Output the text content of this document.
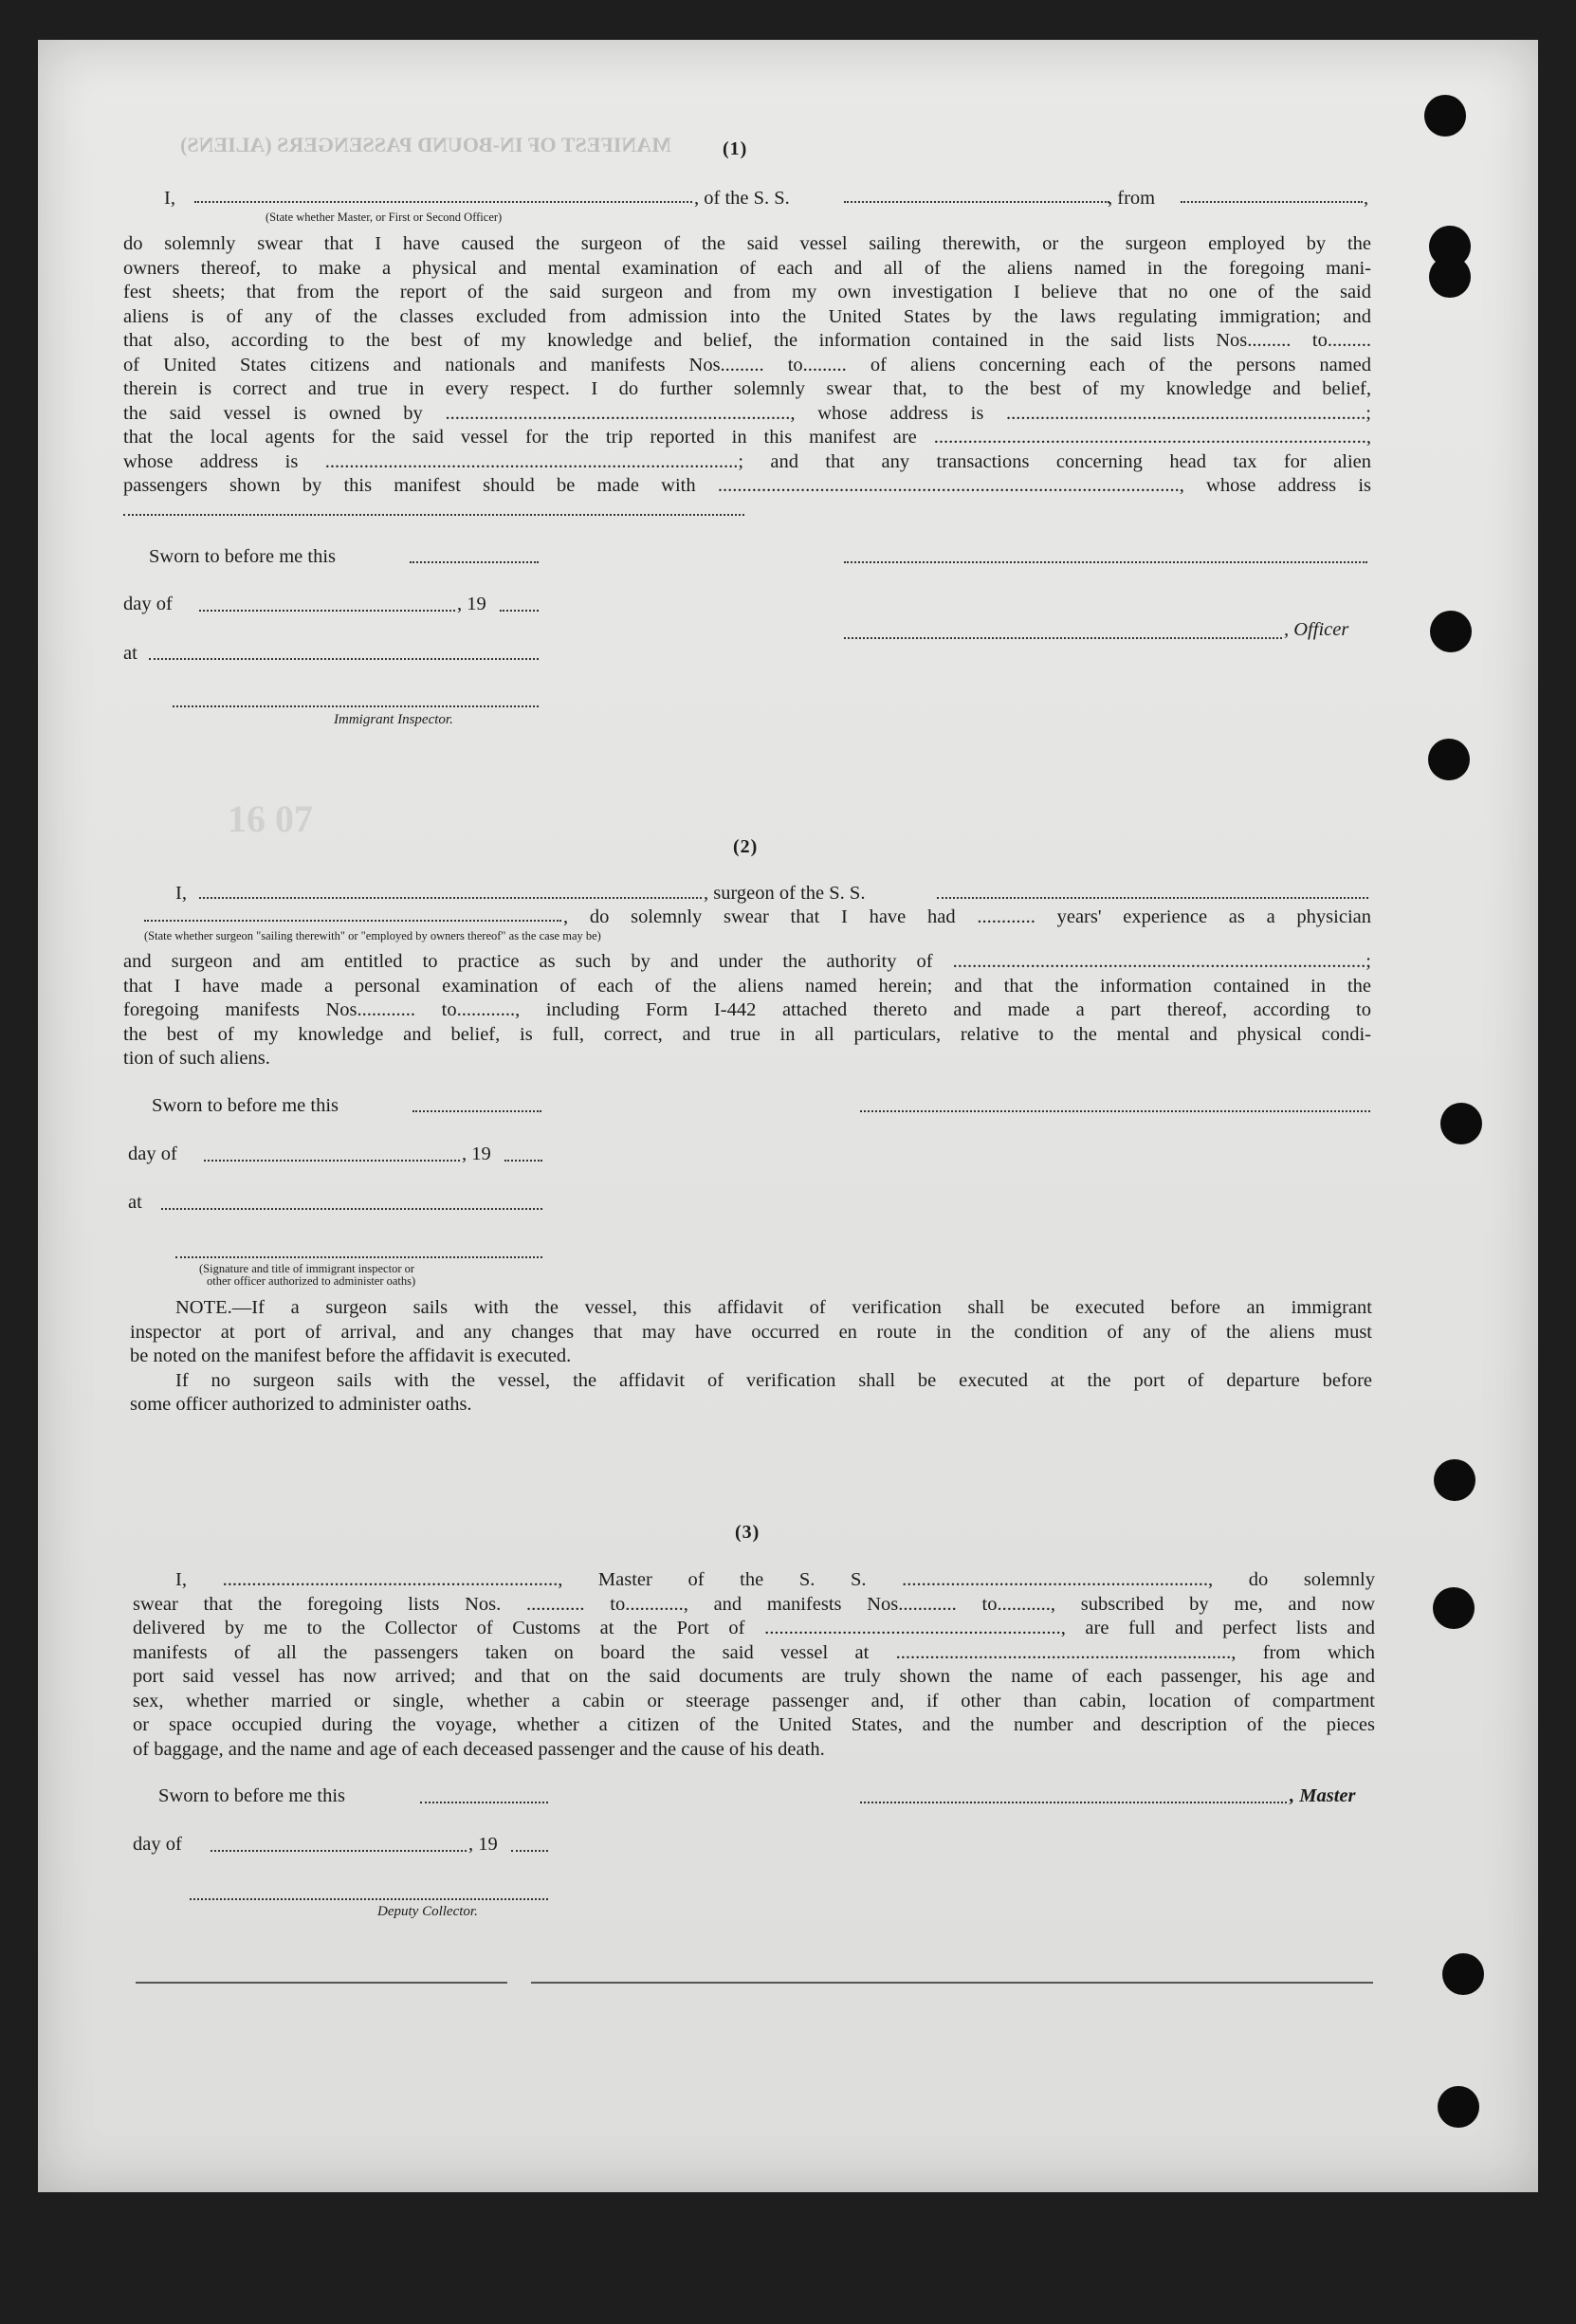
MANIFEST OF IN-BOUND PASSENGERS (ALIENS)
16 07
(1)
I,	, of the S. S.	, from	,
(State whether Master, or First or Second Officer)
do solemnly swear that I have caused the surgeon of the said vessel sailing therewith, or the surgeon employed by the
owners thereof, to make a physical and mental examination of each and all of the aliens named in the foregoing mani-
fest sheets; that from the report of the said surgeon and from my own investigation I believe that no one of the said
aliens is of any of the classes excluded from admission into the United States by the laws regulating immigration; and
that also, according to the best of my knowledge and belief, the information contained in the said lists Nos......... to.........
of United States citizens and nationals and manifests Nos......... to......... of aliens concerning each of the persons named
therein is correct and true in every respect. I do further solemnly swear that, to the best of my knowledge and belief,
the said vessel is owned by ......................................................................., whose address is ..........................................................................;
that the local agents for the said vessel for the trip reported in this manifest are .........................................................................................,
whose address is .....................................................................................; and that any transactions concerning head tax for alien
passengers shown by this manifest should be made with ..............................................................................................., whose address is
Sworn to before me this
day of	, 19
, Officer
at
Immigrant Inspector.
(2)
I,	, surgeon of the S. S.
,
, do solemnly swear that I have had ............ years' experience as a physician
(State whether surgeon "sailing therewith" or "employed by owners thereof" as the case may be)
and surgeon and am entitled to practice as such by and under the authority of .....................................................................................;
that I have made a personal examination of each of the aliens named herein; and that the information contained in the
foregoing manifests Nos............ to............, including Form I-442 attached thereto and made a part thereof, according to
the best of my knowledge and belief, is full, correct, and true in all particulars, relative to the mental and physical condi-
tion of such aliens.
Sworn to before me this
day of	, 19
at
(Signature and title of immigrant inspector or
other officer authorized to administer oaths)
NOTE.—If a surgeon sails with the vessel, this affidavit of verification shall be executed before an immigrant
inspector at port of arrival, and any changes that may have occurred en route in the condition of any of the aliens must
be noted on the manifest before the affidavit is executed.
If no surgeon sails with the vessel, the affidavit of verification shall be executed at the port of departure before
some officer authorized to administer oaths.
(3)
I, ....................................................................., Master of the S. S. ..............................................................., do solemnly
swear that the foregoing lists Nos. ............ to............, and manifests Nos............ to..........., subscribed by me, and now
delivered by me to the Collector of Customs at the Port of ............................................................., are full and perfect lists and
manifests of all the passengers taken on board the said vessel at ....................................................................., from which
port said vessel has now arrived; and that on the said documents are truly shown the name of each passenger, his age and
sex, whether married or single, whether a cabin or steerage passenger and, if other than cabin, location of compartment
or space occupied during the voyage, whether a citizen of the United States, and the number and description of the pieces
of baggage, and the name and age of each deceased passenger and the cause of his death.
Sworn to before me this	, Master
day of	, 19
Deputy Collector.
